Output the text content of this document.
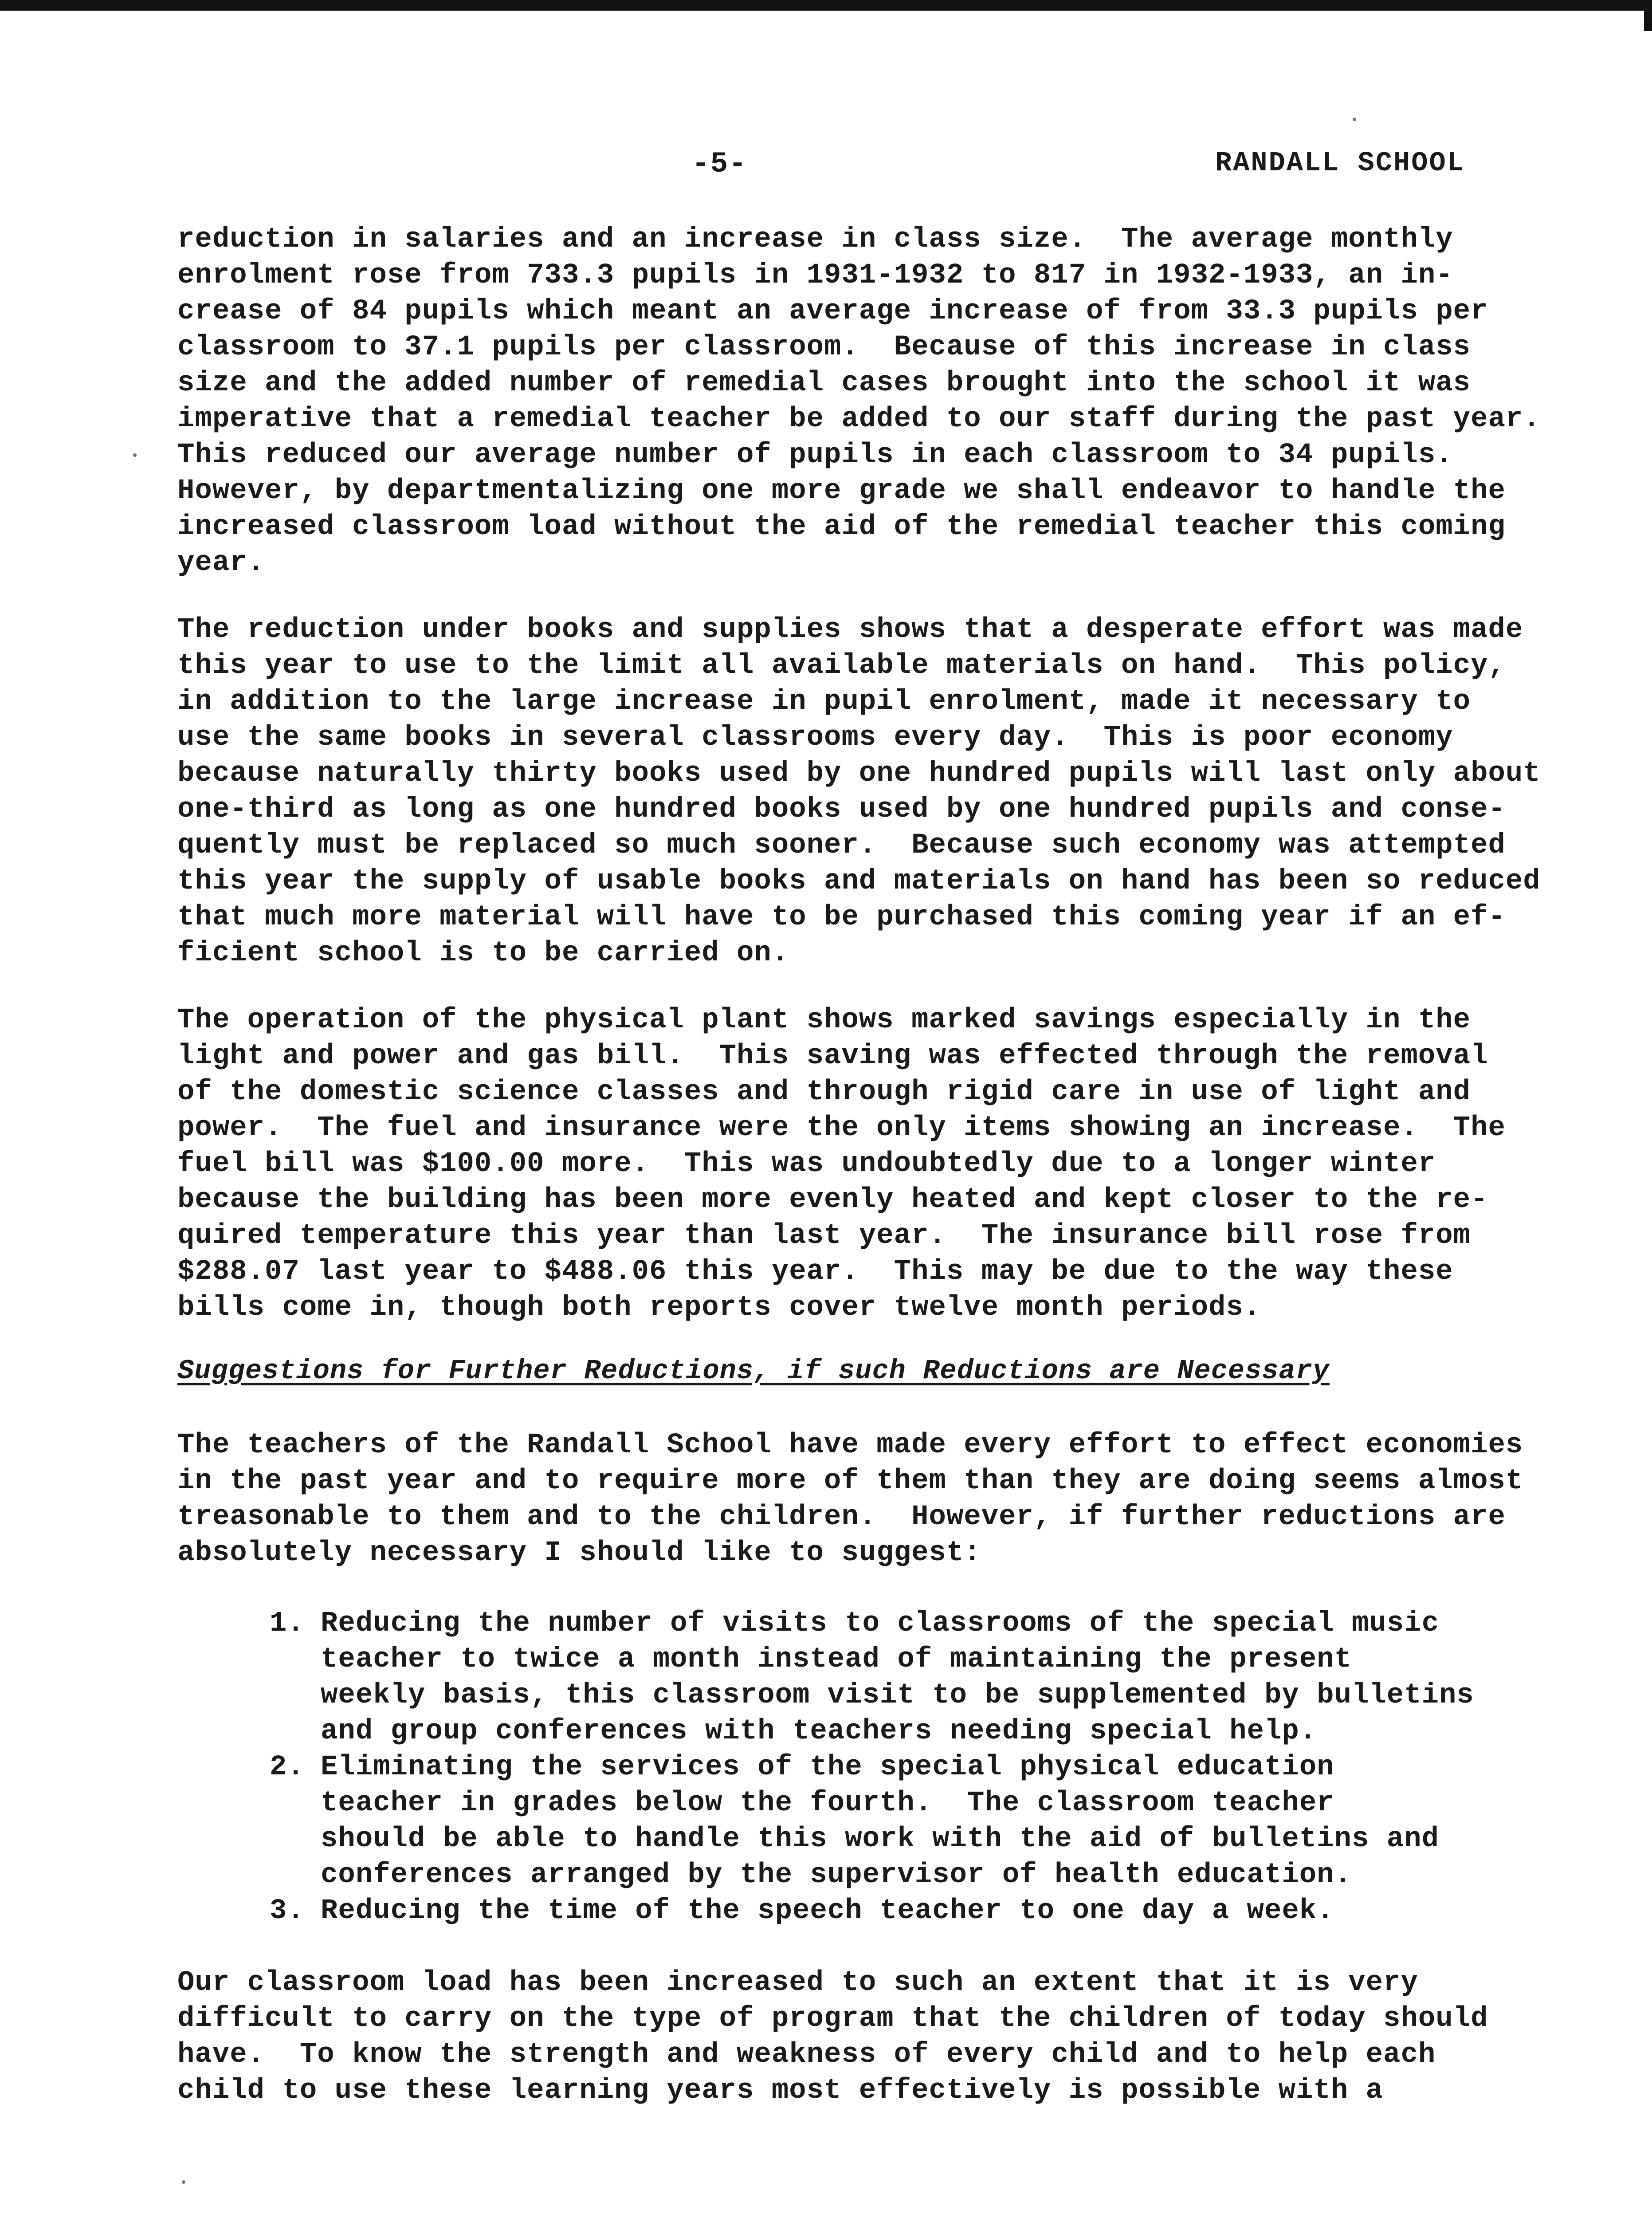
-5-	RANDALL SCHOOL
reduction in salaries and an increase in class size.  The average monthly
enrolment rose from 733.3 pupils in 1931-1932 to 817 in 1932-1933, an in-
crease of 84 pupils which meant an average increase of from 33.3 pupils per
classroom to 37.1 pupils per classroom.  Because of this increase in class
size and the added number of remedial cases brought into the school it was
imperative that a remedial teacher be added to our staff during the past year.
This reduced our average number of pupils in each classroom to 34 pupils.
However, by departmentalizing one more grade we shall endeavor to handle the
increased classroom load without the aid of the remedial teacher this coming
year.
The reduction under books and supplies shows that a desperate effort was made
this year to use to the limit all available materials on hand.  This policy,
in addition to the large increase in pupil enrolment, made it necessary to
use the same books in several classrooms every day.  This is poor economy
because naturally thirty books used by one hundred pupils will last only about
one-third as long as one hundred books used by one hundred pupils and conse-
quently must be replaced so much sooner.  Because such economy was attempted
this year the supply of usable books and materials on hand has been so reduced
that much more material will have to be purchased this coming year if an ef-
ficient school is to be carried on.
The operation of the physical plant shows marked savings especially in the
light and power and gas bill.  This saving was effected through the removal
of the domestic science classes and through rigid care in use of light and
power.  The fuel and insurance were the only items showing an increase.  The
fuel bill was $100.00 more.  This was undoubtedly due to a longer winter
because the building has been more evenly heated and kept closer to the re-
quired temperature this year than last year.  The insurance bill rose from
$288.07 last year to $488.06 this year.  This may be due to the way these
bills come in, though both reports cover twelve month periods.
Suggestions for Further Reductions, if such Reductions are Necessary
The teachers of the Randall School have made every effort to effect economies
in the past year and to require more of them than they are doing seems almost
treasonable to them and to the children.  However, if further reductions are
absolutely necessary I should like to suggest:
1. Reducing the number of visits to classrooms of the special music
teacher to twice a month instead of maintaining the present
weekly basis, this classroom visit to be supplemented by bulletins
and group conferences with teachers needing special help.
2. Eliminating the services of the special physical education
teacher in grades below the fourth.  The classroom teacher
should be able to handle this work with the aid of bulletins and
conferences arranged by the supervisor of health education.
3. Reducing the time of the speech teacher to one day a week.
Our classroom load has been increased to such an extent that it is very
difficult to carry on the type of program that the children of today should
have.  To know the strength and weakness of every child and to help each
child to use these learning years most effectively is possible with a
